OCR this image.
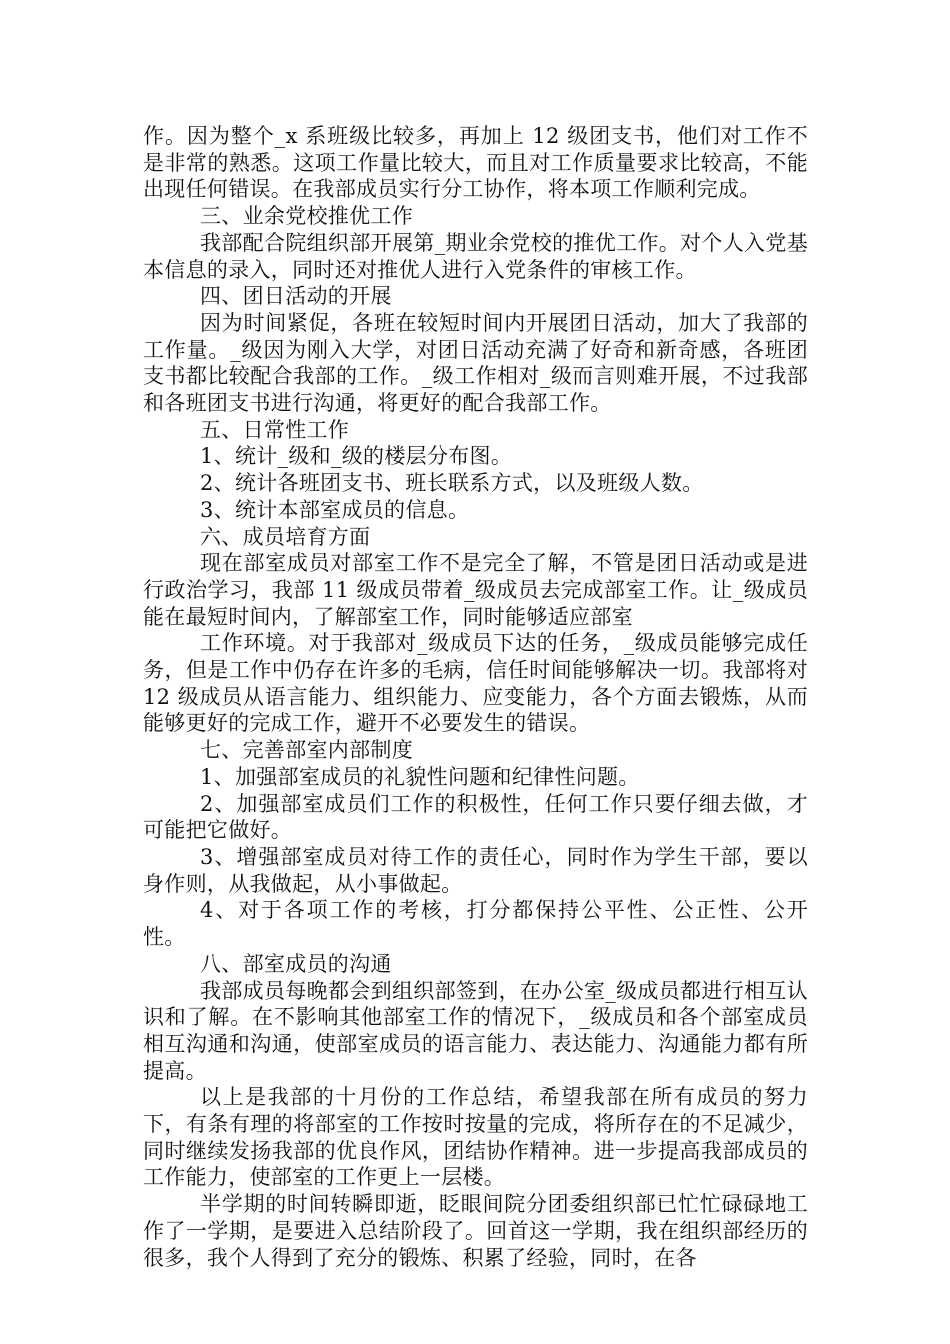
作。因为整个_x 系班级比较多，再加上 12 级团支书，他们对工作不是非常的熟悉。这项工作量比较大，而且对工作质量要求比较高，不能出现任何错误。在我部成员实行分工协作，将本项工作顺利完成。

三、业余党校推优工作

我部配合院组织部开展第_期业余党校的推优工作。对个人入党基本信息的录入，同时还对推优人进行入党条件的审核工作。

四、团日活动的开展

因为时间紧促，各班在较短时间内开展团日活动，加大了我部的工作量。_级因为刚入大学，对团日活动充满了好奇和新奇感，各班团支书都比较配合我部的工作。_级工作相对_级而言则难开展，不过我部和各班团支书进行沟通，将更好的配合我部工作。

五、日常性工作

1、统计_级和_级的楼层分布图。

2、统计各班团支书、班长联系方式，以及班级人数。

3、统计本部室成员的信息。

六、成员培育方面

现在部室成员对部室工作不是完全了解，不管是团日活动或是进行政治学习，我部 11 级成员带着_级成员去完成部室工作。让_级成员能在最短时间内，了解部室工作，同时能够适应部室

工作环境。对于我部对_级成员下达的任务，_级成员能够完成任务，但是工作中仍存在许多的毛病，信任时间能够解决一切。我部将对 12 级成员从语言能力、组织能力、应变能力，各个方面去锻炼，从而能够更好的完成工作，避开不必要发生的错误。

七、完善部室内部制度

1、加强部室成员的礼貌性问题和纪律性问题。

2、加强部室成员们工作的积极性，任何工作只要仔细去做，才可能把它做好。

3、增强部室成员对待工作的责任心，同时作为学生干部，要以身作则，从我做起，从小事做起。

4、对于各项工作的考核，打分都保持公平性、公正性、公开性。

八、部室成员的沟通

我部成员每晚都会到组织部签到，在办公室_级成员都进行相互认识和了解。在不影响其他部室工作的情况下，_级成员和各个部室成员相互沟通和沟通，使部室成员的语言能力、表达能力、沟通能力都有所提高。

以上是我部的十月份的工作总结，希望我部在所有成员的努力下，有条有理的将部室的工作按时按量的完成，将所存在的不足减少，同时继续发扬我部的优良作风，团结协作精神。进一步提高我部成员的工作能力，使部室的工作更上一层楼。

半学期的时间转瞬即逝，眨眼间院分团委组织部已忙忙碌碌地工作了一学期，是要进入总结阶段了。回首这一学期，我在组织部经历的很多，我个人得到了充分的锻炼、积累了经验，同时，在各
